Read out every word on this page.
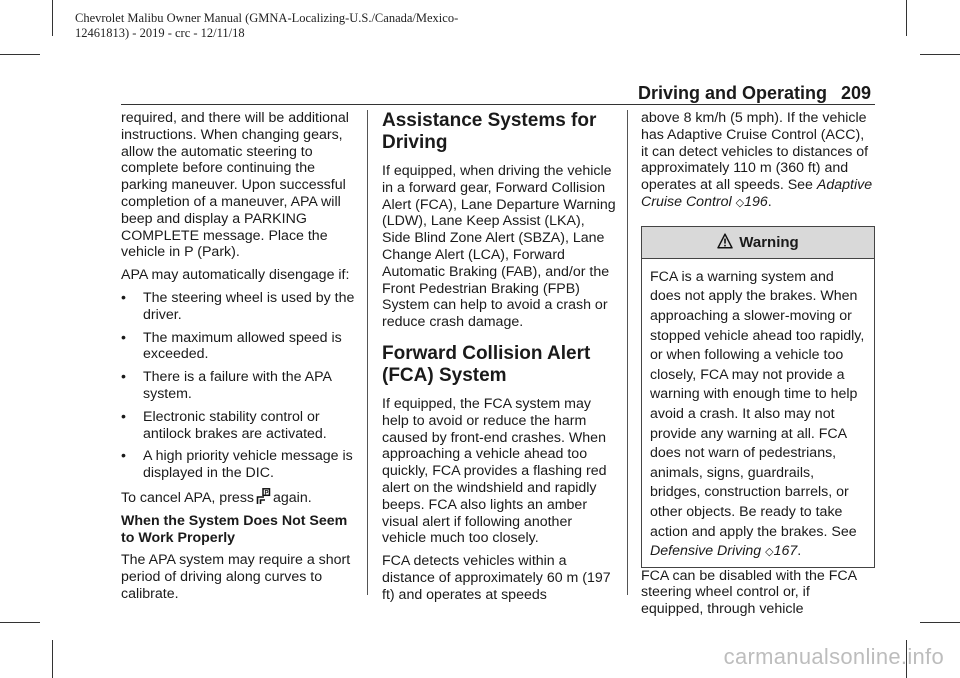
Chevrolet Malibu Owner Manual (GMNA-Localizing-U.S./Canada/Mexico-
12461813) - 2019 - crc - 12/11/18
Driving and Operating 209

required, and there will be additional instructions. When changing gears, allow the automatic steering to complete before continuing the parking maneuver. Upon successful completion of a maneuver, APA will beep and display a PARKING COMPLETE message. Place the vehicle in P (Park).

APA may automatically disengage if:

• The steering wheel is used by the driver.
• The maximum allowed speed is exceeded.
• There is a failure with the APA system.
• Electronic stability control or antilock brakes are activated.
• A high priority vehicle message is displayed in the DIC.

To cancel APA, press P again.

When the System Does Not Seem to Work Properly

The APA system may require a short period of driving along curves to calibrate.

Assistance Systems for Driving

If equipped, when driving the vehicle in a forward gear, Forward Collision Alert (FCA), Lane Departure Warning (LDW), Lane Keep Assist (LKA), Side Blind Zone Alert (SBZA), Lane Change Alert (LCA), Forward Automatic Braking (FAB), and/or the Front Pedestrian Braking (FPB) System can help to avoid a crash or reduce crash damage.

Forward Collision Alert (FCA) System

If equipped, the FCA system may help to avoid or reduce the harm caused by front-end crashes. When approaching a vehicle ahead too quickly, FCA provides a flashing red alert on the windshield and rapidly beeps. FCA also lights an amber visual alert if following another vehicle much too closely.

FCA detects vehicles within a distance of approximately 60 m (197 ft) and operates at speeds

above 8 km/h (5 mph). If the vehicle has Adaptive Cruise Control (ACC), it can detect vehicles to distances of approximately 110 m (360 ft) and operates at all speeds. See Adaptive Cruise Control ◇196.

Warning
FCA is a warning system and does not apply the brakes. When approaching a slower-moving or stopped vehicle ahead too rapidly, or when following a vehicle too closely, FCA may not provide a warning with enough time to help avoid a crash. It also may not provide any warning at all. FCA does not warn of pedestrians, animals, signs, guardrails, bridges, construction barrels, or other objects. Be ready to take action and apply the brakes. See Defensive Driving ◇167.

FCA can be disabled with the FCA steering wheel control or, if equipped, through vehicle

carmanualsonline.info
